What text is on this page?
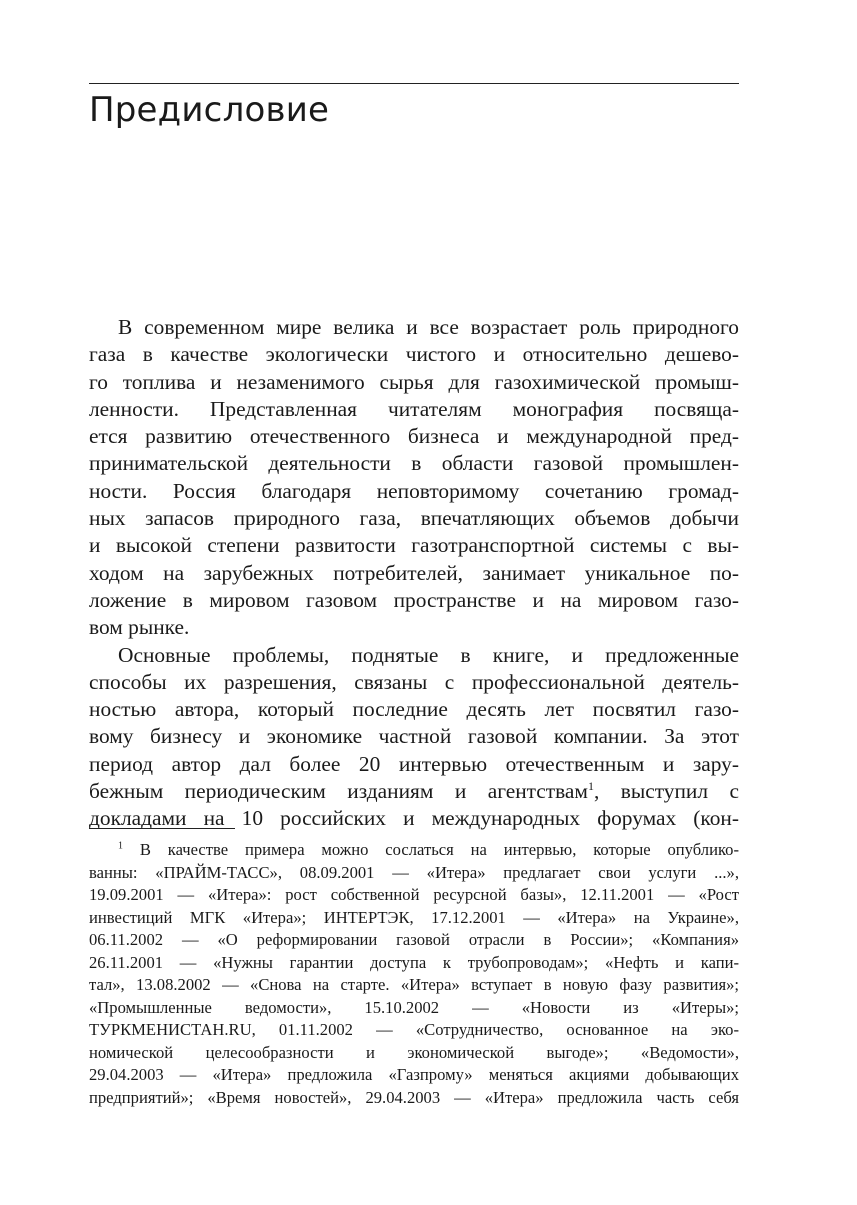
Предисловие
В современном мире велика и все возрастает роль природного
газа в качестве экологически чистого и относительно дешево-
го топлива и незаменимого сырья для газохимической промыш-
ленности. Представленная читателям монография посвяща-
ется развитию отечественного бизнеса и международной пред-
принимательской деятельности в области газовой промышлен-
ности. Россия благодаря неповторимому сочетанию громад-
ных запасов природного газа, впечатляющих объемов добычи
и высокой степени развитости газотранспортной системы с вы-
ходом на зарубежных потребителей, занимает уникальное по-
ложение в мировом газовом пространстве и на мировом газо-
вом рынке.
Основные проблемы, поднятые в книге, и предложенные
способы их разрешения, связаны с профессиональной деятель-
ностью автора, который последние десять лет посвятил газо-
вому бизнесу и экономике частной газовой компании. За этот
период автор дал более 20 интервью отечественным и зару-
бежным периодическим изданиям и агентствам$^1$, выступил с
докладами на 10 российских и международных форумах (кон-
$^1$ В качестве примера можно сослаться на интервью, которые опублико-
ванны: «ПРАЙМ-ТАСС», 08.09.2001 — «Итера» предлагает свои услуги ...»,
19.09.2001 — «Итера»: рост собственной ресурсной базы», 12.11.2001 — «Рост
инвестиций МГК «Итера»; ИНТЕРТЭК, 17.12.2001 — «Итера» на Украине»,
06.11.2002 — «О реформировании газовой отрасли в России»; «Компания»
26.11.2001 — «Нужны гарантии доступа к трубопроводам»; «Нефть и капи-
тал», 13.08.2002 — «Снова на старте. «Итера» вступает в новую фазу развития»;
«Промышленные ведомости», 15.10.2002 — «Новости из «Итеры»;
ТУРКМЕНИСТАН.RU, 01.11.2002 — «Сотрудничество, основанное на эко-
номической целесообразности и экономической выгоде»; «Ведомости»,
29.04.2003 — «Итера» предложила «Газпрому» меняться акциями добывающих
предприятий»; «Время новостей», 29.04.2003 — «Итера» предложила часть себя
